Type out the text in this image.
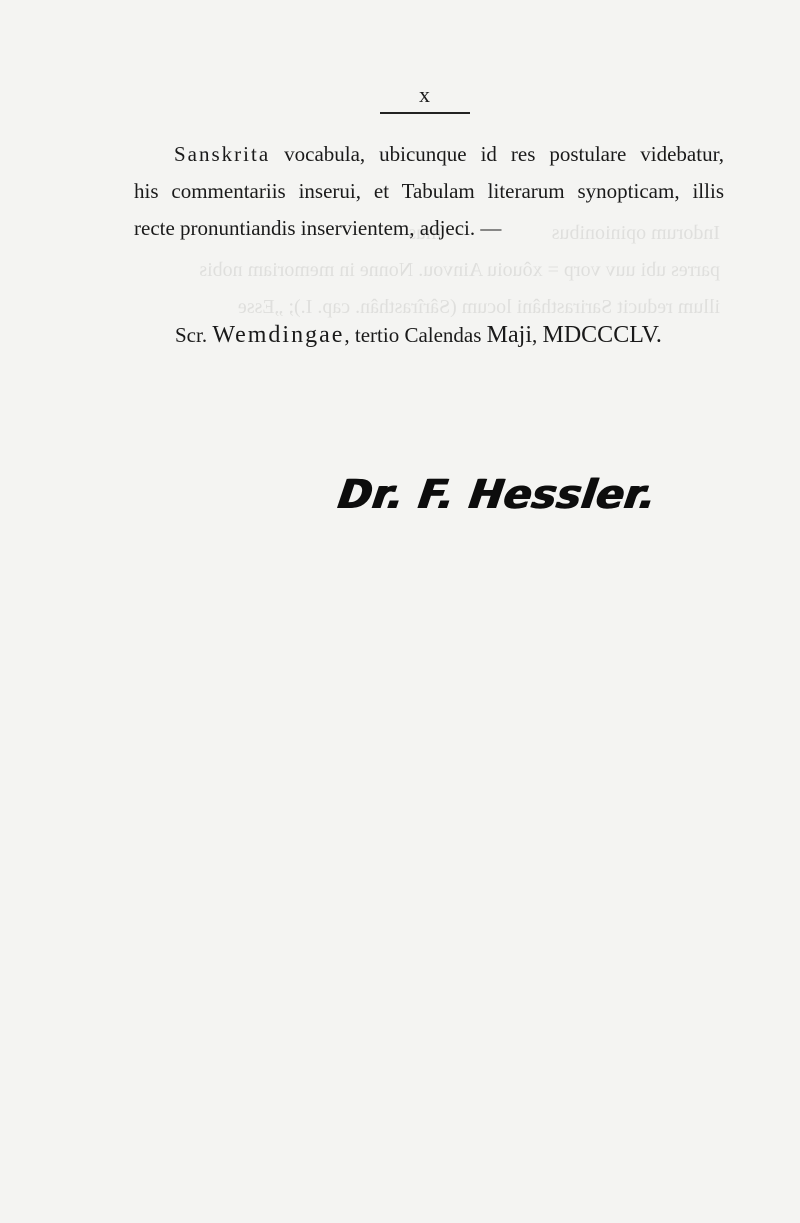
Indorum opinionibus                      mus
parres ubi uuv vorp = xôuoiu Ainvou. Nonne in memoriam nobis
illum reducit Sarirasthâni locum (Sârîrasthân. cap. I.); „Esse

x

Sanskrita vocabula, ubicunque id res postulare videbatur,

his commentariis inserui, et Tabulam literarum synopticam, illis

recte pronuntiandis inservientem, adjeci. —

Scr. Wemdingae, tertio Calendas Maji, MDCCCLV.
Dr. F. Hessler.
